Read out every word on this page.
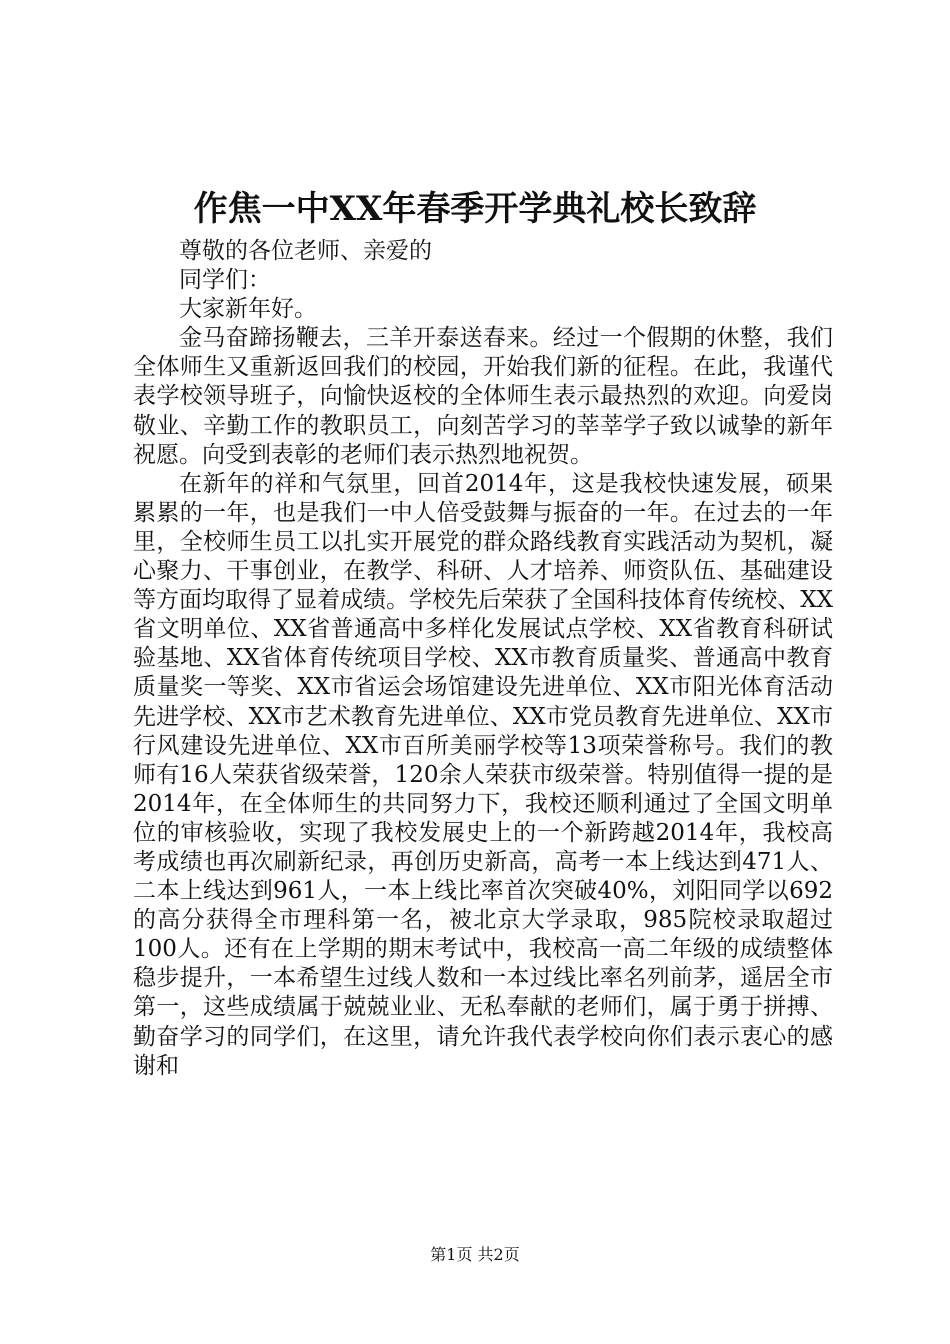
作焦一中XX年春季开学典礼校长致辞

尊敬的各位老师、亲爱的

同学们：

大家新年好。

金马奋蹄扬鞭去，三羊开泰送春来。经过一个假期的休整，我们全体师生又重新返回我们的校园，开始我们新的征程。在此，我谨代表学校领导班子，向愉快返校的全体师生表示最热烈的欢迎。向爱岗敬业、辛勤工作的教职员工，向刻苦学习的莘莘学子致以诚挚的新年祝愿。向受到表彰的老师们表示热烈地祝贺。

在新年的祥和气氛里，回首2014年，这是我校快速发展，硕果累累的一年，也是我们一中人倍受鼓舞与振奋的一年。在过去的一年里，全校师生员工以扎实开展党的群众路线教育实践活动为契机，凝心聚力、干事创业，在教学、科研、人才培养、师资队伍、基础建设等方面均取得了显着成绩。学校先后荣获了全国科技体育传统校、XX省文明单位、XX省普通高中多样化发展试点学校、XX省教育科研试验基地、XX省体育传统项目学校、XX市教育质量奖、普通高中教育质量奖一等奖、XX市省运会场馆建设先进单位、XX市阳光体育活动先进学校、XX市艺术教育先进单位、XX市党员教育先进单位、XX市行风建设先进单位、XX市百所美丽学校等13项荣誉称号。我们的教师有16人荣获省级荣誉，120余人荣获市级荣誉。特别值得一提的是2014年，在全体师生的共同努力下，我校还顺利通过了全国文明单位的审核验收，实现了我校发展史上的一个新跨越2014年，我校高考成绩也再次刷新纪录，再创历史新高，高考一本上线达到471人、二本上线达到961人，一本上线比率首次突破40%，刘阳同学以692的高分获得全市理科第一名，被北京大学录取，985院校录取超过100人。还有在上学期的期末考试中，我校高一高二年级的成绩整体稳步提升，一本希望生过线人数和一本过线比率名列前茅，遥居全市第一，这些成绩属于兢兢业业、无私奉献的老师们，属于勇于拼搏、勤奋学习的同学们，在这里，请允许我代表学校向你们表示衷心的感谢和

第1页 共2页
